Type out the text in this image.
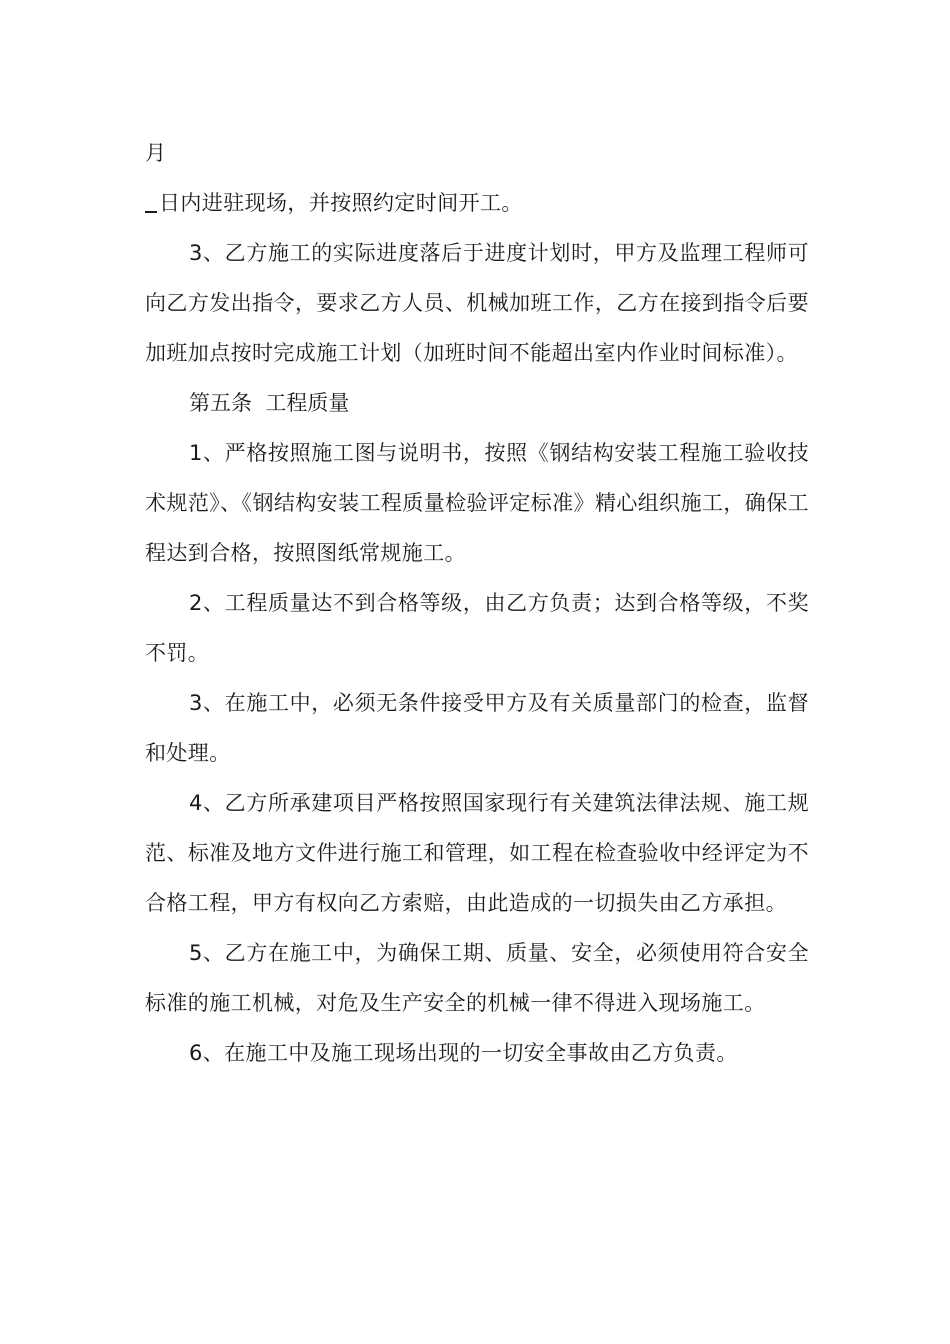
月
日内进驻现场，并按照约定时间开工。

3、乙方施工的实际进度落后于进度计划时，甲方及监理工程师可向乙方发出指令，要求乙方人员、机械加班工作，乙方在接到指令后要加班加点按时完成施工计划（加班时间不能超出室内作业时间标准）。

第五条  工程质量

1、严格按照施工图与说明书，按照《钢结构安装工程施工验收技术规范》、《钢结构安装工程质量检验评定标准》精心组织施工，确保工程达到合格，按照图纸常规施工。

2、工程质量达不到合格等级，由乙方负责；达到合格等级，不奖不罚。

3、在施工中，必须无条件接受甲方及有关质量部门的检查，监督和处理。

4、乙方所承建项目严格按照国家现行有关建筑法律法规、施工规范、标准及地方文件进行施工和管理，如工程在检查验收中经评定为不合格工程，甲方有权向乙方索赔，由此造成的一切损失由乙方承担。

5、乙方在施工中，为确保工期、质量、安全，必须使用符合安全标准的施工机械，对危及生产安全的机械一律不得进入现场施工。

6、在施工中及施工现场出现的一切安全事故由乙方负责。
